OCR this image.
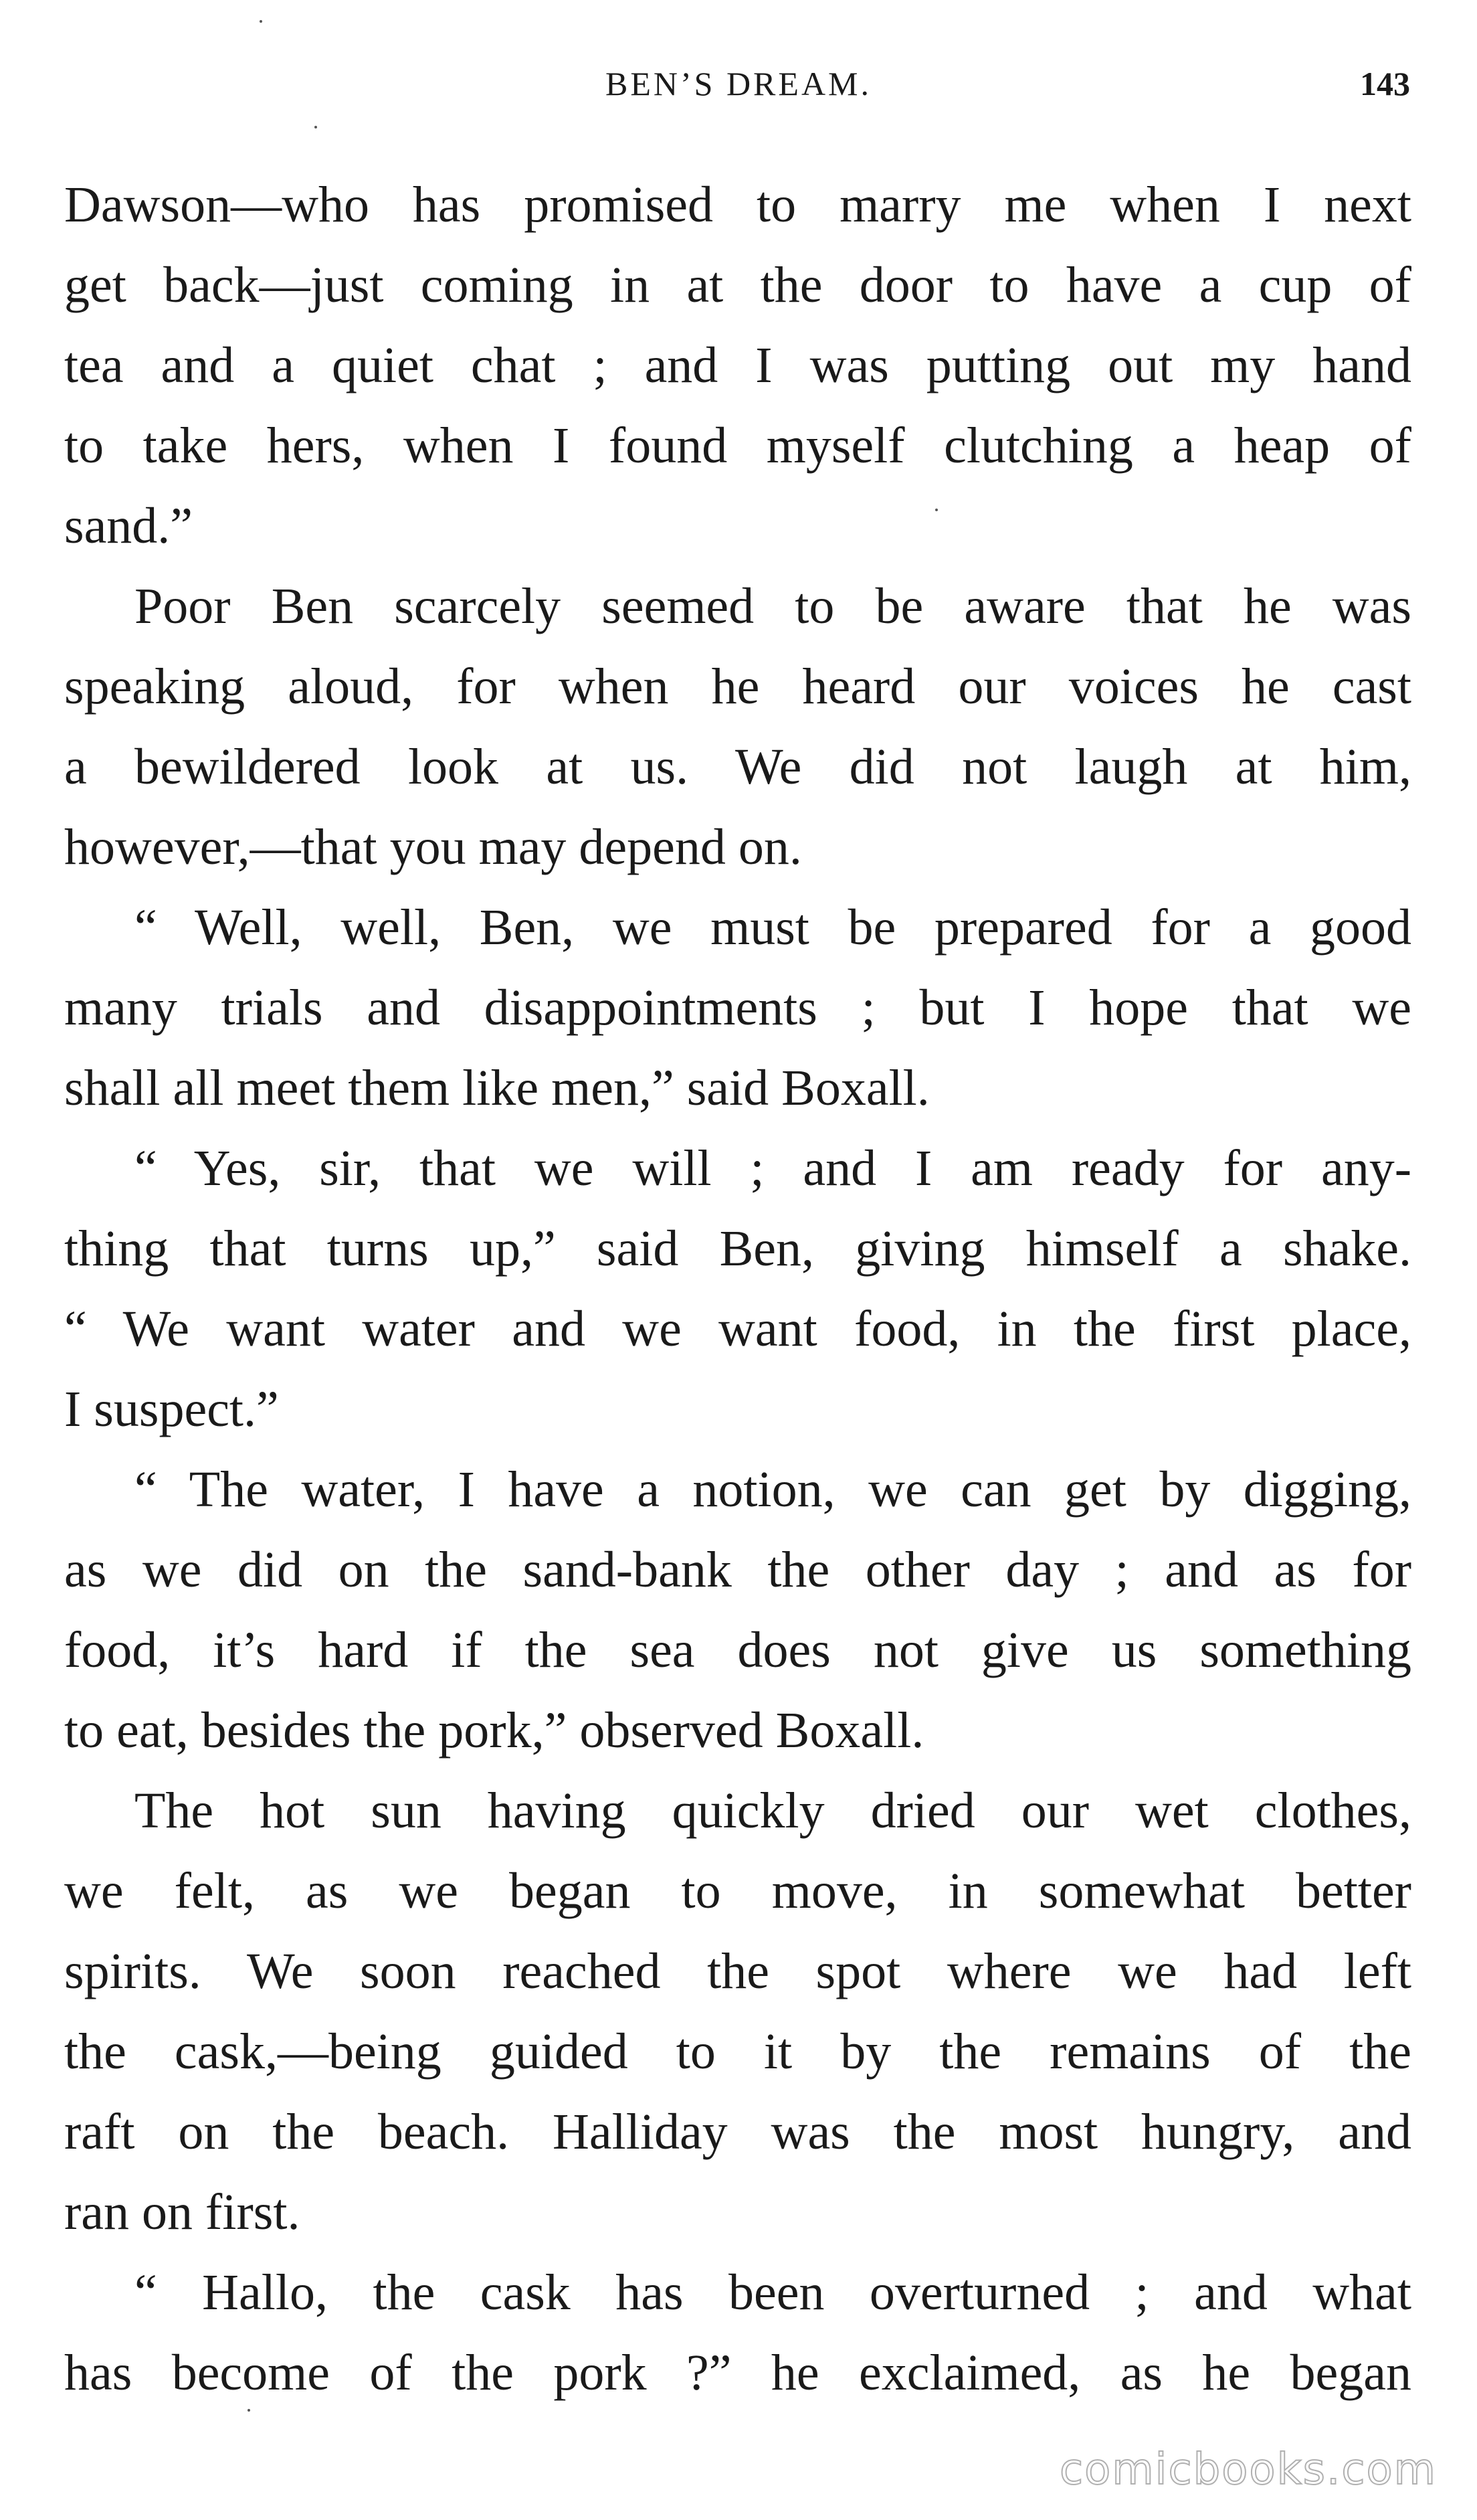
BEN’S DREAM.	143
Dawson—who has promised to marry me when I next
get back—just coming in at the door to have a cup of
tea and a quiet chat ; and I was putting out my hand
to take hers, when I found myself clutching a heap of
sand.”
Poor Ben scarcely seemed to be aware that he was
speaking aloud, for when he heard our voices he cast
a bewildered look at us. We did not laugh at him,
however,—that you may depend on.
“ Well, well, Ben, we must be prepared for a good
many trials and disappointments ; but I hope that we
shall all meet them like men,” said Boxall.
“ Yes, sir, that we will ; and I am ready for any-
thing that turns up,” said Ben, giving himself a shake.
“ We want water and we want food, in the first place,
I suspect.”
“ The water, I have a notion, we can get by digging,
as we did on the sand-bank the other day ; and as for
food, it’s hard if the sea does not give us something
to eat, besides the pork,” observed Boxall.
The hot sun having quickly dried our wet clothes,
we felt, as we began to move, in somewhat better
spirits. We soon reached the spot where we had left
the cask,—being guided to it by the remains of the
raft on the beach. Halliday was the most hungry, and
ran on first.
“ Hallo, the cask has been overturned ; and what
has become of the pork ?” he exclaimed, as he began
comicbooks.com
